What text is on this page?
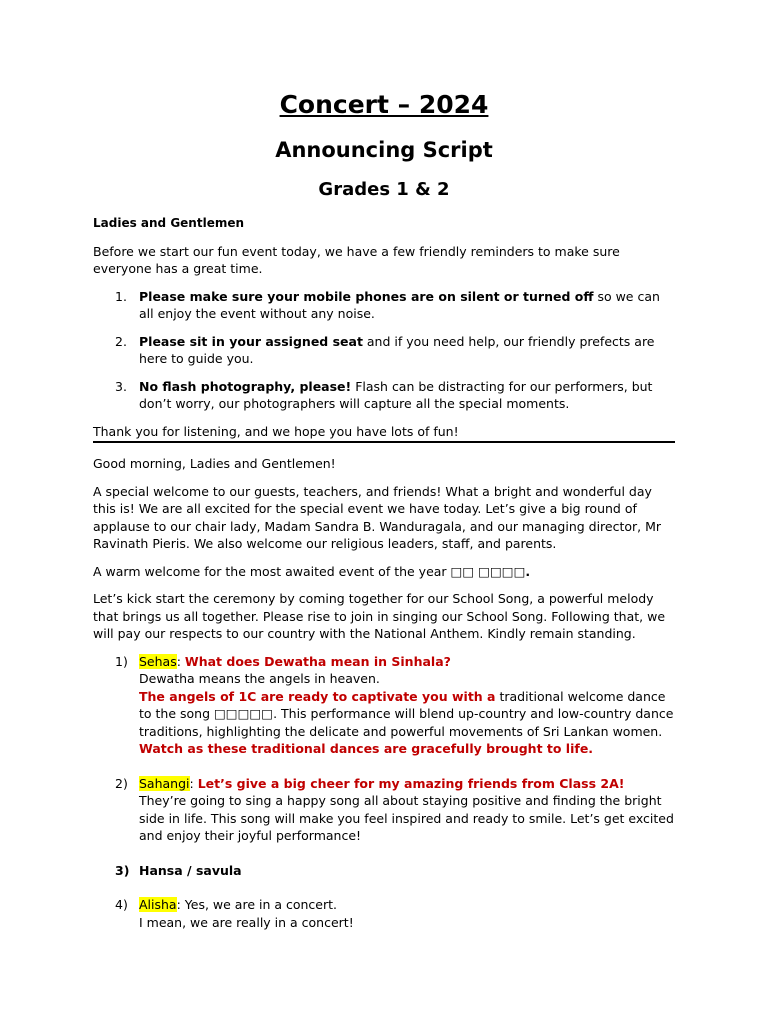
Concert – 2024
Announcing Script
Grades 1 & 2

Ladies and Gentlemen

Before we start our fun event today, we have a few friendly reminders to make sure everyone has a great time.

1. Please make sure your mobile phones are on silent or turned off so we can all enjoy the event without any noise.
2. Please sit in your assigned seat and if you need help, our friendly prefects are here to guide you.
3. No flash photography, please! Flash can be distracting for our performers, but don’t worry, our photographers will capture all the special moments.

Thank you for listening, and we hope you have lots of fun!

Good morning, Ladies and Gentlemen!

A special welcome to our guests, teachers, and friends! What a bright and wonderful day this is! We are all excited for the special event we have today. Let’s give a big round of applause to our chair lady, Madam Sandra B. Wanduragala, and our managing director, Mr Ravinath Pieris. We also welcome our religious leaders, staff, and parents.

A warm welcome for the most awaited event of the year □□ □□□□.

Let’s kick start the ceremony by coming together for our School Song, a powerful melody that brings us all together. Please rise to join in singing our School Song. Following that, we will pay our respects to our country with the National Anthem. Kindly remain standing.

1) Sehas: What does Dewatha mean in Sinhala?
Dewatha means the angels in heaven.
The angels of 1C are ready to captivate you with a traditional welcome dance to the song □□□□□. This performance will blend up-country and low-country dance traditions, highlighting the delicate and powerful movements of Sri Lankan women. Watch as these traditional dances are gracefully brought to life.
2) Sahangi: Let’s give a big cheer for my amazing friends from Class 2A! They’re going to sing a happy song all about staying positive and finding the bright side in life. This song will make you feel inspired and ready to smile. Let’s get excited and enjoy their joyful performance!
3) Hansa / savula
4) Alisha: Yes, we are in a concert.
I mean, we are really in a concert!
